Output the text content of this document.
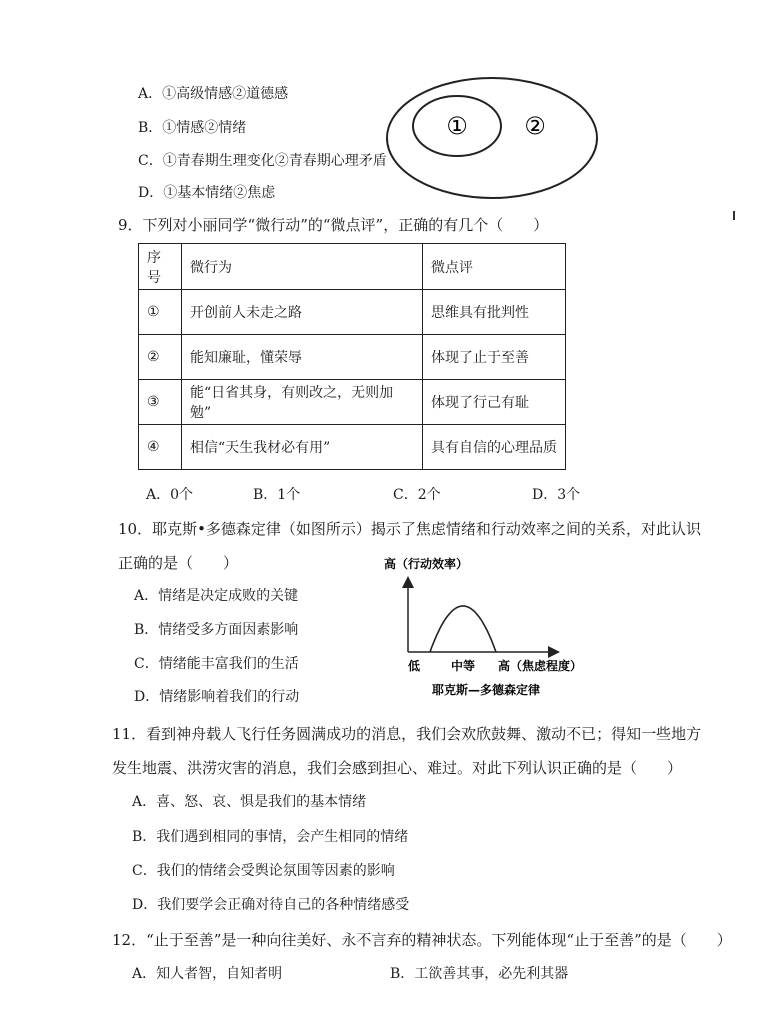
A．①高级情感②道德感
B．①情感②情绪
C．①青春期生理变化②青春期心理矛盾
D．①基本情绪②焦虑
① ②
9．下列对小丽同学“微行动”的“微点评”，正确的有几个（　　）
序号	微行为	微点评
①	开创前人未走之路	思维具有批判性
②	能知廉耻，懂荣辱	体现了止于至善
③	能“日省其身，有则改之，无则加勉”	体现了行己有耻
④	相信“天生我材必有用”	具有自信的心理品质
A．0个	B．1个	C．2个	D．3个
10．耶克斯•多德森定律（如图所示）揭示了焦虑情绪和行动效率之间的关系，对此认识
正确的是（　　）
A．情绪是决定成败的关键
B．情绪受多方面因素影响
C．情绪能丰富我们的生活
D．情绪影响着我们的行动
高（行动效率）
低	中等 高 （焦虑程度）
耶克斯—多德森定律
11．看到神舟载人飞行任务圆满成功的消息，我们会欢欣鼓舞、激动不已；得知一些地方
发生地震、洪涝灾害的消息，我们会感到担心、难过。对此下列认识正确的是（　　）
A．喜、怒、哀、惧是我们的基本情绪
B．我们遇到相同的事情，会产生相同的情绪
C．我们的情绪会受舆论氛围等因素的影响
D．我们要学会正确对待自己的各种情绪感受
12．“止于至善”是一种向往美好、永不言弃的精神状态。下列能体现“止于至善”的是（　　）
A．知人者智，自知者明	B．工欲善其事，必先利其器
